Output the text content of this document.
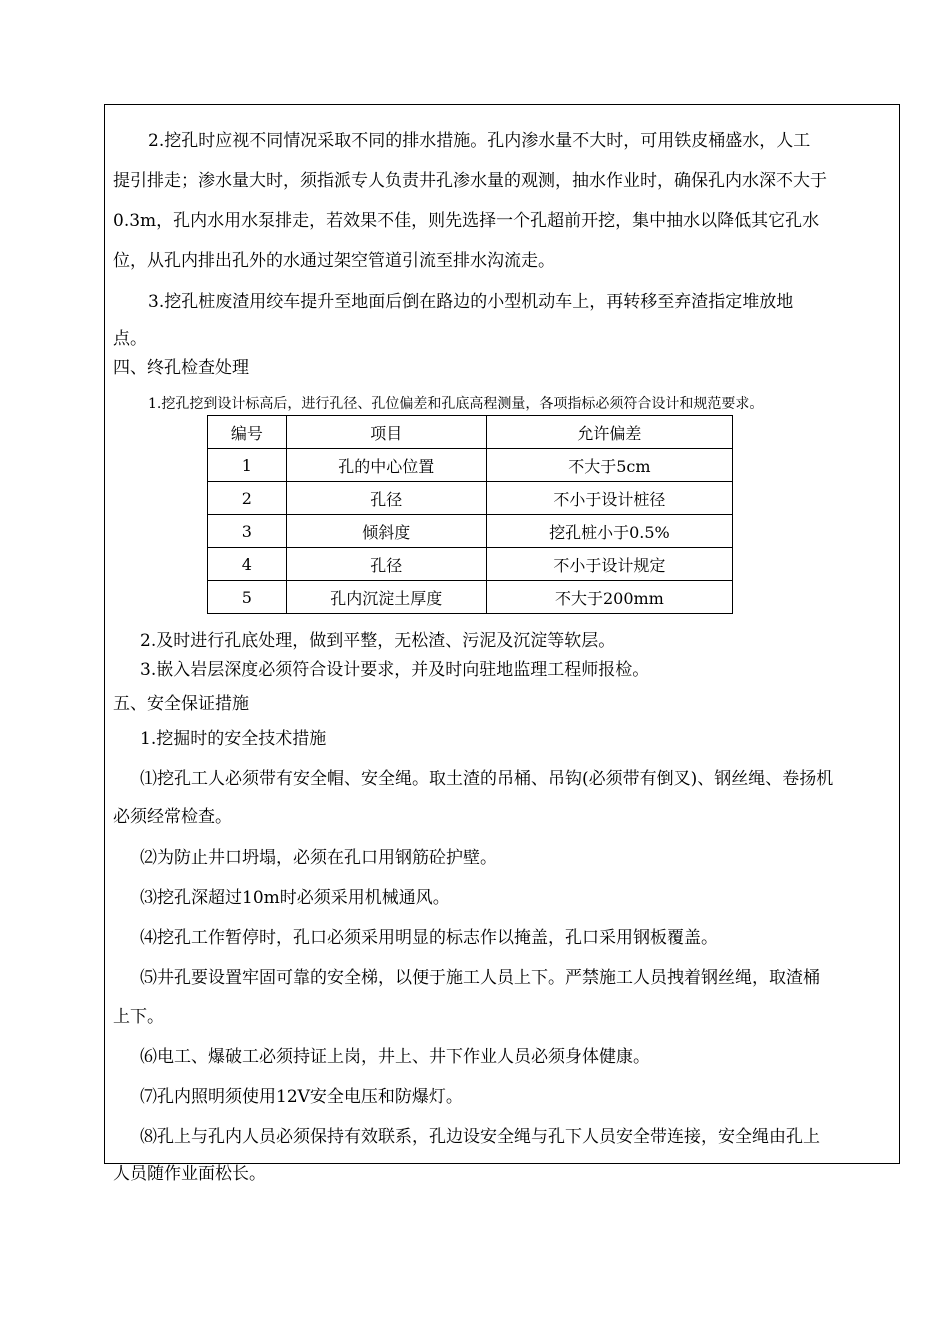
2.挖孔时应视不同情况采取不同的排水措施。孔内渗水量不大时，可用铁皮桶盛水，人工
提引排走；渗水量大时，须指派专人负责井孔渗水量的观测，抽水作业时，确保孔内水深不大于
0.3m，孔内水用水泵排走，若效果不佳，则先选择一个孔超前开挖，集中抽水以降低其它孔水
位，从孔内排出孔外的水通过架空管道引流至排水沟流走。
3.挖孔桩废渣用绞车提升至地面后倒在路边的小型机动车上，再转移至弃渣指定堆放地
点。
四、终孔检查处理
1.挖孔挖到设计标高后，进行孔径、孔位偏差和孔底高程测量，各项指标必须符合设计和规范要求。
编号	项目	允许偏差
1	孔的中心位置	不大于5cm
2	孔径	不小于设计桩径
3	倾斜度	挖孔桩小于0.5%
4	孔径	不小于设计规定
5	孔内沉淀土厚度	不大于200mm
2.及时进行孔底处理，做到平整，无松渣、污泥及沉淀等软层。
3.嵌入岩层深度必须符合设计要求，并及时向驻地监理工程师报检。
五、安全保证措施
1.挖掘时的安全技术措施
⑴挖孔工人必须带有安全帽、安全绳。取土渣的吊桶、吊钩(必须带有倒叉)、钢丝绳、卷扬机
必须经常检查。
⑵为防止井口坍塌，必须在孔口用钢筋砼护壁。
⑶挖孔深超过10m时必须采用机械通风。
⑷挖孔工作暂停时，孔口必须采用明显的标志作以掩盖，孔口采用钢板覆盖。
⑸井孔要设置牢固可靠的安全梯，以便于施工人员上下。严禁施工人员拽着钢丝绳，取渣桶
上下。
⑹电工、爆破工必须持证上岗，井上、井下作业人员必须身体健康。
⑺孔内照明须使用12V安全电压和防爆灯。
⑻孔上与孔内人员必须保持有效联系，孔边设安全绳与孔下人员安全带连接，安全绳由孔上
人员随作业面松长。
